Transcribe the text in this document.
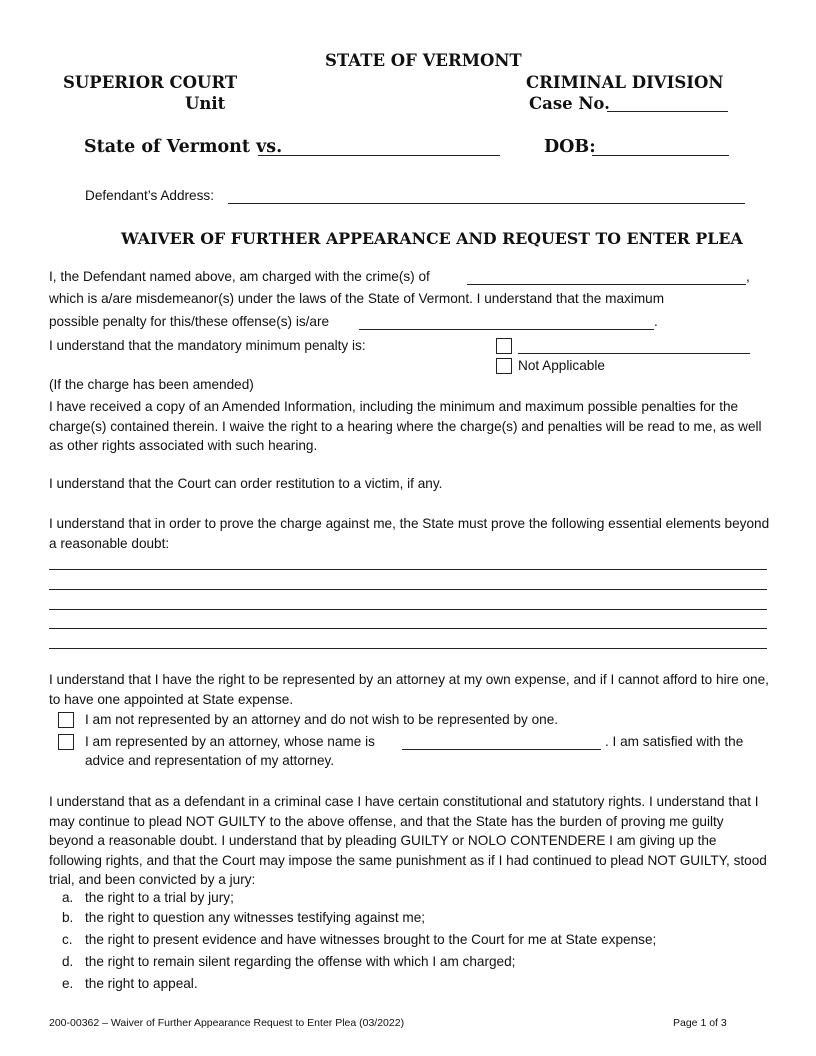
STATE OF VERMONT
SUPERIOR COURT
Unit
CRIMINAL DIVISION
Case No.
State of Vermont vs.	DOB:
Defendant’s Address:
WAIVER OF FURTHER APPEARANCE AND REQUEST TO ENTER PLEA
I, the Defendant named above, am charged with the crime(s) of	,
which is a/are misdemeanor(s) under the laws of the State of Vermont. I understand that the maximum
possible penalty for this/these offense(s) is/are	.
I understand that the mandatory minimum penalty is:
Not Applicable
(If the charge has been amended)
I have received a copy of an Amended Information, including the minimum and maximum possible penalties for the charge(s) contained therein. I waive the right to a hearing where the charge(s) and penalties will be read to me, as well as other rights associated with such hearing.
I understand that the Court can order restitution to a victim, if any.
I understand that in order to prove the charge against me, the State must prove the following essential elements beyond a reasonable doubt:
I understand that I have the right to be represented by an attorney at my own expense, and if I cannot afford to hire one, to have one appointed at State expense.
I am not represented by an attorney and do not wish to be represented by one.
I am represented by an attorney, whose name is	. I am satisfied with the
advice and representation of my attorney.
I understand that as a defendant in a criminal case I have certain constitutional and statutory rights. I understand that I may continue to plead NOT GUILTY to the above offense, and that the State has the burden of proving me guilty beyond a reasonable doubt. I understand that by pleading GUILTY or NOLO CONTENDERE I am giving up the following rights, and that the Court may impose the same punishment as if I had continued to plead NOT GUILTY, stood trial, and been convicted by a jury:
a. the right to a trial by jury;
b. the right to question any witnesses testifying against me;
c. the right to present evidence and have witnesses brought to the Court for me at State expense;
d. the right to remain silent regarding the offense with which I am charged;
e. the right to appeal.
200-00362 – Waiver of Further Appearance Request to Enter Plea (03/2022)	Page 1 of 3
